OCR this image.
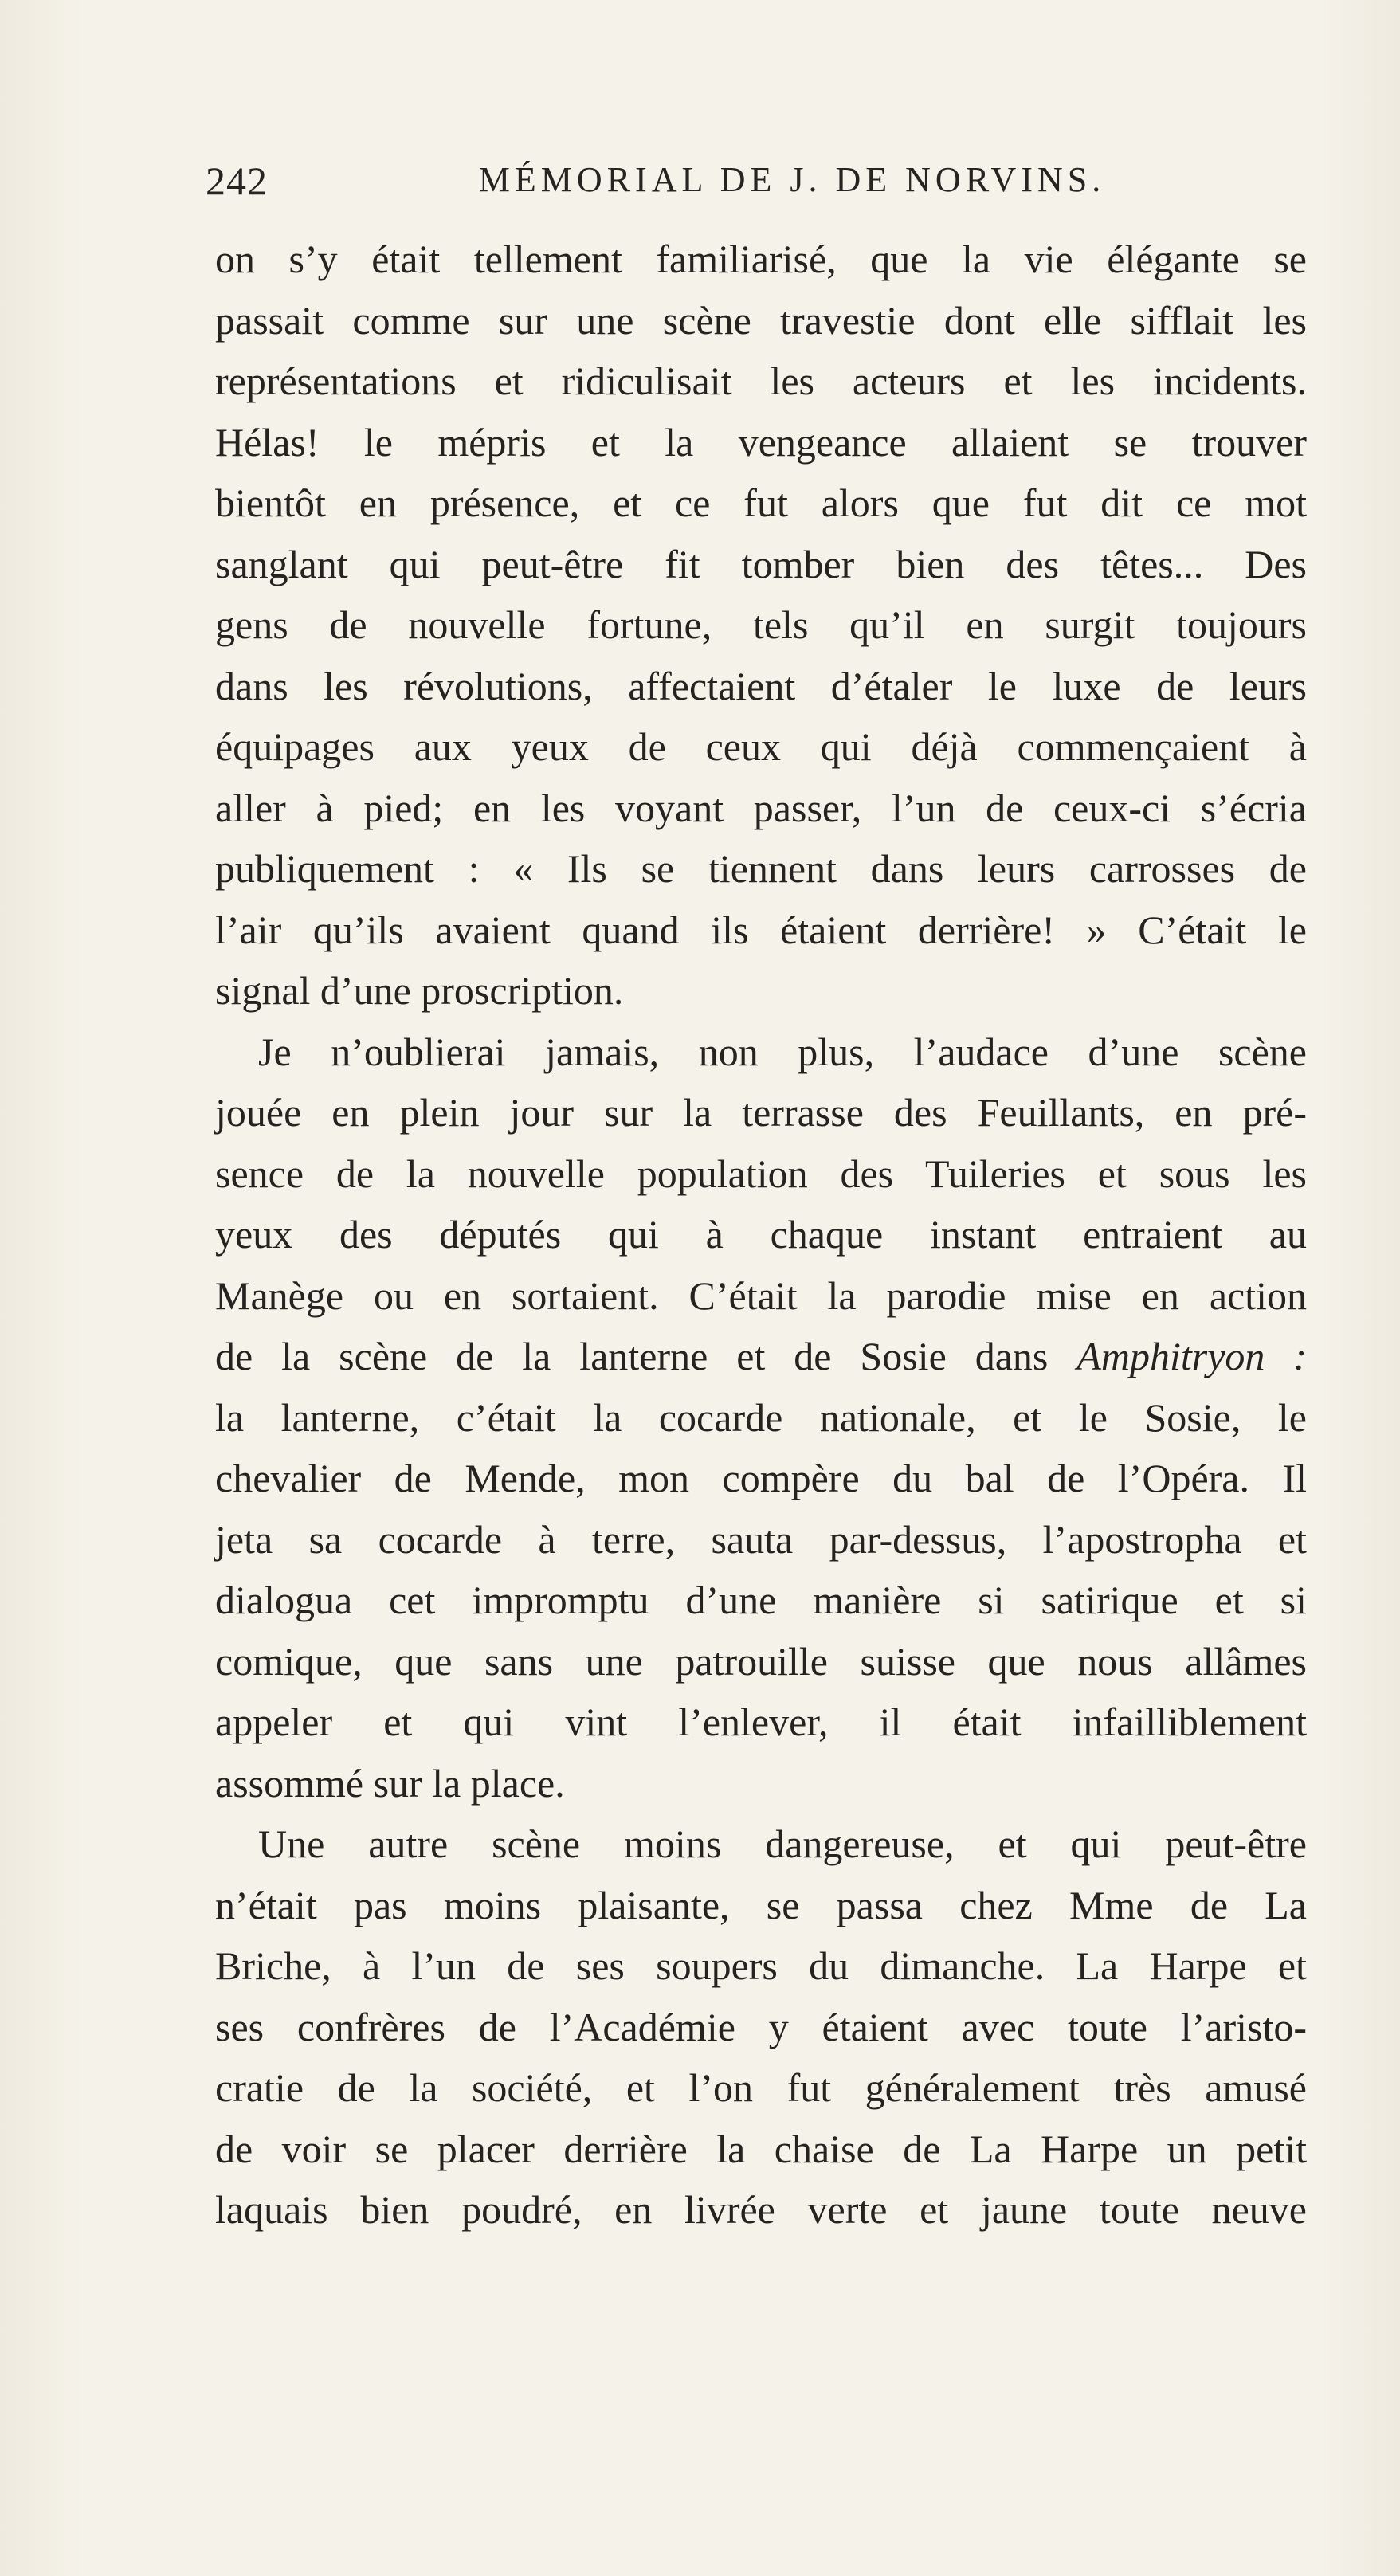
242	MÉMORIAL DE J. DE NORVINS.
on s’y était tellement familiarisé, que la vie élégante se
passait comme sur une scène travestie dont elle sifflait les
représentations et ridiculisait les acteurs et les incidents.
Hélas! le mépris et la vengeance allaient se trouver
bientôt en présence, et ce fut alors que fut dit ce mot
sanglant qui peut-être fit tomber bien des têtes... Des
gens de nouvelle fortune, tels qu’il en surgit toujours
dans les révolutions, affectaient d’étaler le luxe de leurs
équipages aux yeux de ceux qui déjà commençaient à
aller à pied; en les voyant passer, l’un de ceux-ci s’écria
publiquement : « Ils se tiennent dans leurs carrosses de
l’air qu’ils avaient quand ils étaient derrière! » C’était le
signal d’une proscription.
Je n’oublierai jamais, non plus, l’audace d’une scène
jouée en plein jour sur la terrasse des Feuillants, en pré-
sence de la nouvelle population des Tuileries et sous les
yeux des députés qui à chaque instant entraient au
Manège ou en sortaient. C’était la parodie mise en action
de la scène de la lanterne et de Sosie dans Amphitryon :
la lanterne, c’était la cocarde nationale, et le Sosie, le
chevalier de Mende, mon compère du bal de l’Opéra. Il
jeta sa cocarde à terre, sauta par-dessus, l’apostropha et
dialogua cet impromptu d’une manière si satirique et si
comique, que sans une patrouille suisse que nous allâmes
appeler et qui vint l’enlever, il était infailliblement
assommé sur la place.
Une autre scène moins dangereuse, et qui peut-être
n’était pas moins plaisante, se passa chez Mme de La
Briche, à l’un de ses soupers du dimanche. La Harpe et
ses confrères de l’Académie y étaient avec toute l’aristo-
cratie de la société, et l’on fut généralement très amusé
de voir se placer derrière la chaise de La Harpe un petit
laquais bien poudré, en livrée verte et jaune toute neuve
